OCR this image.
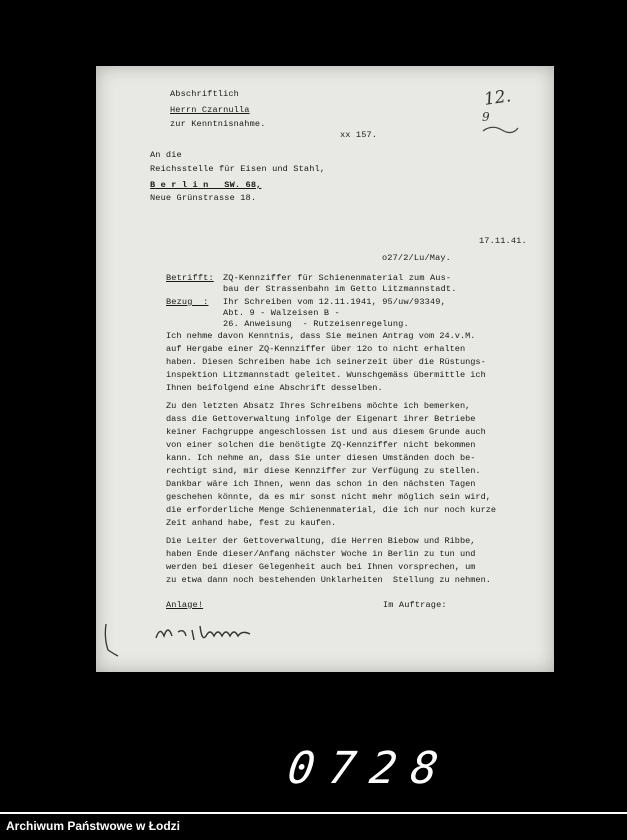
Abschriftlich
Herrn Czarnulla
zur Kenntnisnahme.
xx 157.
12.
9
An die
Reichsstelle für Eisen und Stahl,
B e r l i n   SW. 68,
Neue Grünstrasse 18.
17.11.41.
o27/2/Lu/May.
Betrifft: ZQ-Kennziffer für Schienenmaterial zum Aus-
bau der Strassenbahn im Getto Litzmannstadt.
Bezug  : Ihr Schreiben vom 12.11.1941, 95/uw/93349,
Abt. 9 - Walzeisen B -
26. Anweisung  - Rutzeisenregelung.
Ich nehme davon Kenntnis, dass Sie meinen Antrag vom 24.v.M.
auf Hergabe einer ZQ-Kennziffer über 12o to nicht erhalten
haben. Diesen Schreiben habe ich seinerzeit über die Rüstungs-
inspektion Litzmannstadt geleitet. Wunschgemäss übermittle ich
Ihnen beifolgend eine Abschrift desselben.
Zu den letzten Absatz Ihres Schreibens möchte ich bemerken,
dass die Gettoverwaltung infolge der Eigenart ihrer Betriebe
keiner Fachgruppe angeschlossen ist und aus diesem Grunde auch
von einer solchen die benötigte ZQ-Kennziffer nicht bekommen
kann. Ich nehme an, dass Sie unter diesen Umständen doch be-
rechtigt sind, mir diese Kennziffer zur Verfügung zu stellen.
Dankbar wäre ich Ihnen, wenn das schon in den nächsten Tagen
geschehen könnte, da es mir sonst nicht mehr möglich sein wird,
die erforderliche Menge Schienenmaterial, die ich nur noch kurze
Zeit anhand habe, fest zu kaufen.
Die Leiter der Gettoverwaltung, die Herren Biebow und Ribbe,
haben Ende dieser/Anfang nächster Woche in Berlin zu tun und
werden bei dieser Gelegenheit auch bei Ihnen vorsprechen, um
zu etwa dann noch bestehenden Unklarheiten  Stellung zu nehmen.
Anlage!	Im Auftrage:
0 7 2 8
Archiwum Państwowe w Łodzi
